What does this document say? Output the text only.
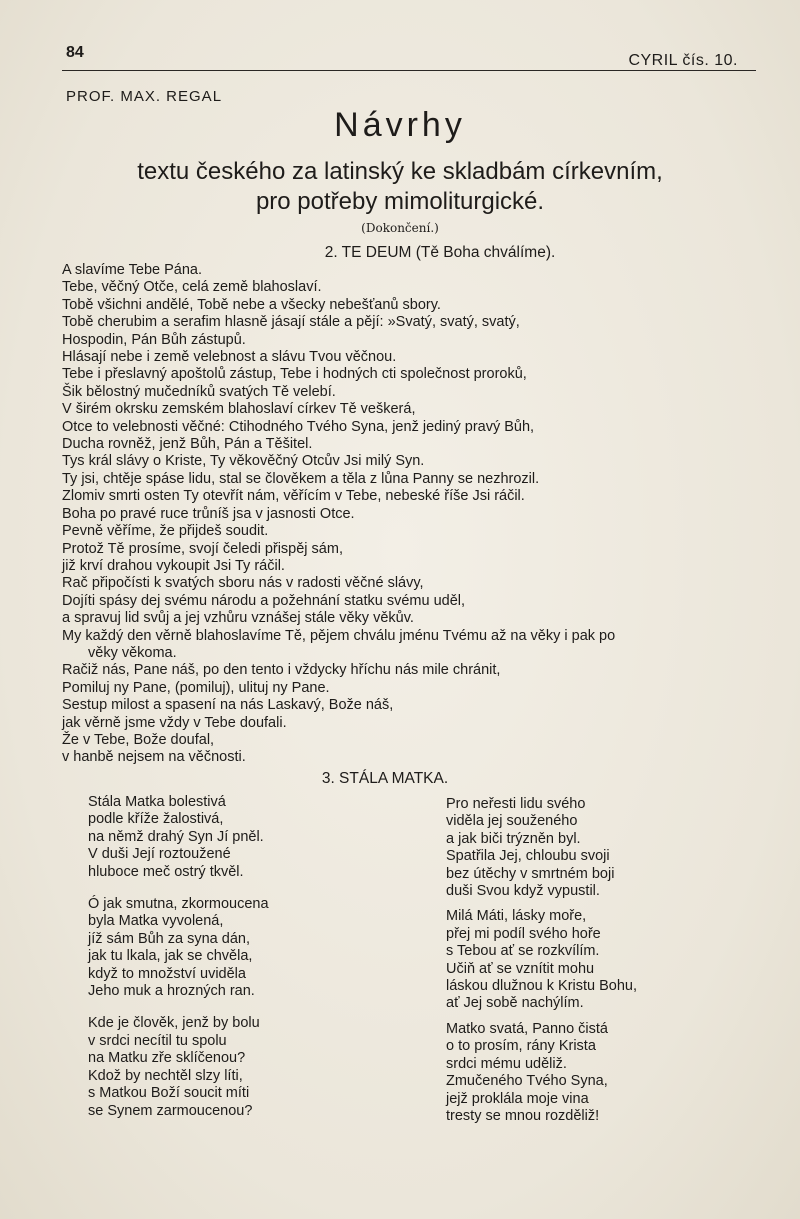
84	CYRIL čís. 10.
PROF. MAX. REGAL
Návrhy
textu českého za latinský ke skladbám církevním,
pro potřeby mimoliturgické.
(Dokončení.)
2. TE DEUM (Tě Boha chválíme).
A slavíme Tebe Pána.
Tebe, věčný Otče, celá země blahoslaví.
Tobě všichni andělé, Tobě nebe a všecky nebešťanů sbory.
Tobě cherubim a serafim hlasně jásají stále a pějí: »Svatý, svatý, svatý,
Hospodin, Pán Bůh zástupů.
Hlásají nebe i země velebnost a slávu Tvou věčnou.
Tebe i přeslavný apoštolů zástup, Tebe i hodných cti společnost proroků,
Šik bělostný mučedníků svatých Tě velebí.
V širém okrsku zemském blahoslaví církev Tě veškerá,
Otce to velebnosti věčné: Ctihodného Tvého Syna, jenž jediný pravý Bůh,
Ducha rovněž, jenž Bůh, Pán a Těšitel.
Tys král slávy o Kriste, Ty věkověčný Otcův Jsi milý Syn.
Ty jsi, chtěje spáse lidu, stal se člověkem a těla z lůna Panny se nezhrozil.
Zlomiv smrti osten Ty otevřít nám, věřícím v Tebe, nebeské říše Jsi ráčil.
Boha po pravé ruce trůníš jsa v jasnosti Otce.
Pevně věříme, že přijdeš soudit.
Protož Tě prosíme, svojí čeledi přispěj sám,
již krví drahou vykoupit Jsi Ty ráčil.
Rač připočísti k svatých sboru nás v radosti věčné slávy,
Dojíti spásy dej svému národu a požehnání statku svému uděl,
a spravuj lid svůj a jej vzhůru vznášej stále věky věkův.
My každý den věrně blahoslavíme Tě, pějem chválu jménu Tvému až na věky i pak po
věky věkoma.
Račiž nás, Pane náš, po den tento i vždycky hříchu nás mile chránit,
Pomiluj ny Pane, (pomiluj), ulituj ny Pane.
Sestup milost a spasení na nás Laskavý, Bože náš,
jak věrně jsme vždy v Tebe doufali.
Že v Tebe, Bože doufal,
v hanbě nejsem na věčnosti.
3. STÁLA MATKA.
Stála Matka bolestivá
podle kříže žalostivá,
na němž drahý Syn Jí pněl.
V duši Její roztoužené
hluboce meč ostrý tkvěl.
Ó jak smutna, zkormoucena
byla Matka vyvolená,
jíž sám Bůh za syna dán,
jak tu lkala, jak se chvěla,
když to množství uviděla
Jeho muk a hrozných ran.
Kde je člověk, jenž by bolu
v srdci necítil tu spolu
na Matku zře sklíčenou?
Kdož by nechtěl slzy líti,
s Matkou Boží soucit míti
se Synem zarmoucenou?
Pro neřesti lidu svého
viděla jej souženého
a jak biči trýzněn byl.
Spatřila Jej, chloubu svoji
bez útěchy v smrtném boji
duši Svou když vypustil.
Milá Máti, lásky moře,
přej mi podíl svého hoře
s Tebou ať se rozkvílím.
Učiň ať se vznítit mohu
láskou dlužnou k Kristu Bohu,
ať Jej sobě nachýlím.
Matko svatá, Panno čistá
o to prosím, rány Krista
srdci mému uděliž.
Zmučeného Tvého Syna,
jejž proklála moje vina
tresty se mnou rozděliž!
